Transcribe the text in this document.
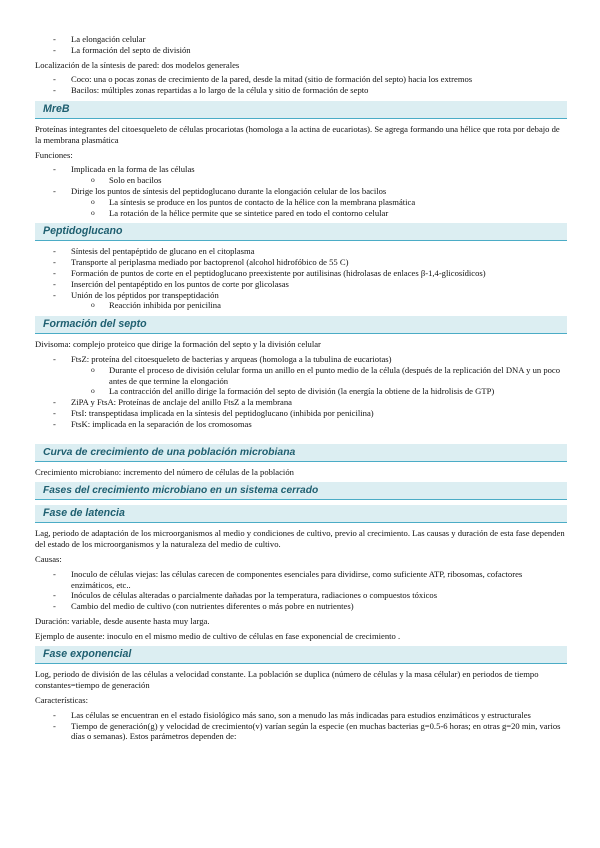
- La elongación celular
- La formación del septo de división

Localización de la síntesis de pared: dos modelos generales

- Coco: una o pocas zonas de crecimiento de la pared, desde la mitad (sitio de formación del septo) hacia los extremos
- Bacilos: múltiples zonas repartidas a lo largo de la célula y sitio de formación de septo
MreB

Proteínas integrantes del citoesqueleto de células procariotas (homologa a la actina de eucariotas). Se agrega formando una hélice que rota por debajo de la membrana plasmática

Funciones:

- Implicada en la forma de las células
o Solo en bacilos
- Dirige los puntos de síntesis del peptidoglucano durante la elongación celular de los bacilos
o La síntesis se produce en los puntos de contacto de la hélice con la membrana plasmática
o La rotación de la hélice permite que se sintetice pared en todo el contorno celular
Peptidoglucano
- Síntesis del pentapéptido de glucano en el citoplasma
- Transporte al periplasma mediado por bactoprenol (alcohol hidrofóbico de 55 C)
- Formación de puntos de corte en el peptidoglucano preexistente por autilisinas (hidrolasas de enlaces β-1,4-glicosídicos)
- Inserción del pentapéptido en los puntos de corte por glicolasas
- Unión de los péptidos por transpeptidación
o Reacción inhibida por penicilina
Formación del septo

Divisoma: complejo proteico que dirige la formación del septo y la división celular

- FtsZ: proteína del citoesqueleto de bacterias y arqueas (homologa a la tubulina de eucariotas)
o Durante el proceso de división celular forma un anillo en el punto medio de la célula (después de la replicación del DNA y un poco antes de que termine la elongación
o La contracción del anillo dirige la formación del septo de división (la energía la obtiene de la hidrolisis de GTP)
- ZiPA y FtsA: Proteínas de anclaje del anillo FtsZ a la membrana
- FtsI: transpeptidasa implicada en la síntesis del peptidoglucano (inhibida por penicilina)
- FtsK: implicada en la separación de los cromosomas
Curva de crecimiento de una población microbiana

Crecimiento microbiano: incremento del número de células de la población

Fases del crecimiento microbiano en un sistema cerrado
Fase de latencia

Lag, periodo de adaptación de los microorganismos al medio y condiciones de cultivo, previo al crecimiento. Las causas y duración de esta fase dependen del estado de los microorganismos y la naturaleza del medio de cultivo.

Causas:

- Inoculo de células viejas: las células carecen de componentes esenciales para dividirse, como suficiente ATP, ribosomas, cofactores enzimáticos, etc..
- Inóculos de células alteradas o parcialmente dañadas por la temperatura, radiaciones o compuestos tóxicos
- Cambio del medio de cultivo (con nutrientes diferentes o más pobre en nutrientes)

Duración: variable, desde ausente hasta muy larga.

Ejemplo de ausente: inoculo en el mismo medio de cultivo de células en fase exponencial de crecimiento .

Fase exponencial

Log, periodo de división de las células a velocidad constante. La población se duplica (número de células y la masa célular) en periodos de tiempo constantes=tiempo de generación

Características:

- Las células se encuentran en el estado fisiológico más sano, son a menudo las más indicadas para estudios enzimáticos y estructurales
- Tiempo de generación(g) y velocidad de crecimiento(v) varían según la especie (en muchas bacterias g=0.5-6 horas; en otras g=20 min, varios días o semanas). Estos parámetros dependen de:
